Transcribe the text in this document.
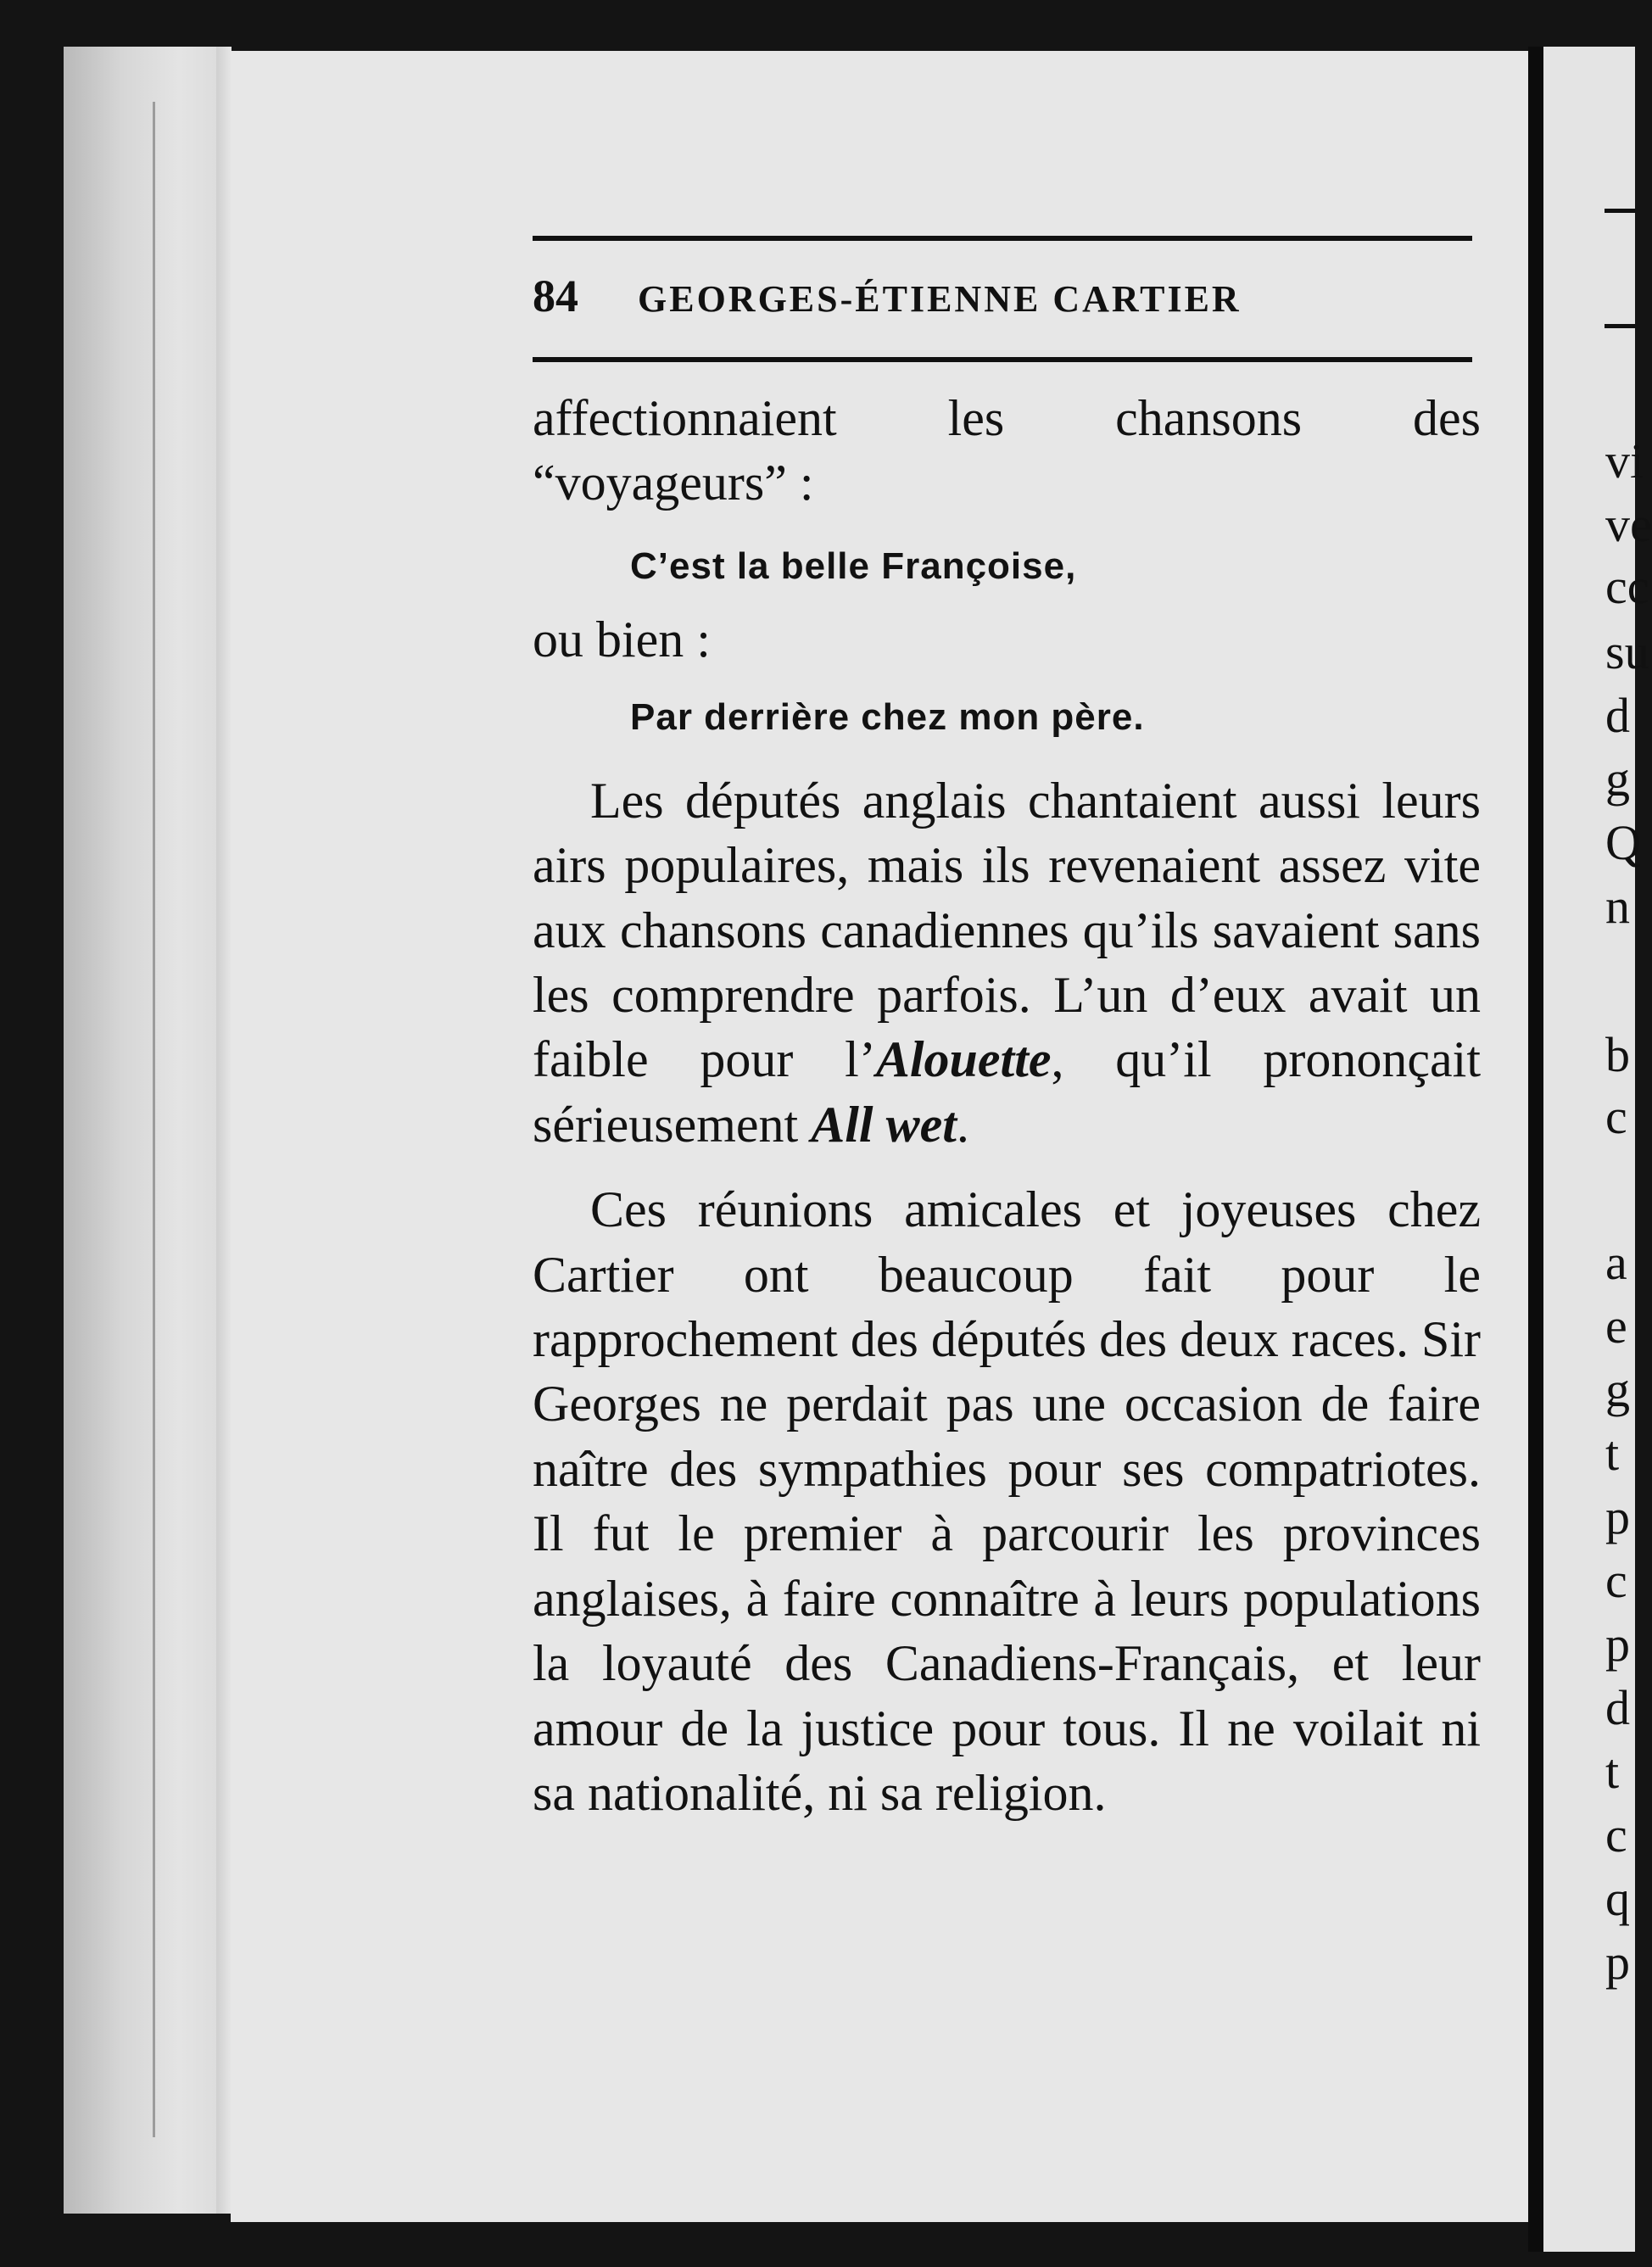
84 GEORGES-ÉTIENNE CARTIER

affectionnaient les chansons des

“voyageurs” :

C’est la belle Françoise,

ou bien :

Par derrière chez mon père.

Les députés anglais chantaient aussi leurs airs populaires, mais ils revenaient assez vite aux chansons canadiennes qu’ils savaient sans les comprendre parfois. L’un d’eux avait un faible pour l’Alouette, qu’il prononçait sérieusement All wet.

Ces réunions amicales et joyeuses chez Cartier ont beaucoup fait pour le rapprochement des députés des deux races. Sir Georges ne perdait pas une occasion de faire naître des sympathies pour ses compatriotes. Il fut le premier à parcourir les provinces anglaises, à faire connaître à leurs populations la loyauté des Canadiens-Français, et leur amour de la justice pour tous. Il ne voilait ni sa nationalité, ni sa religion.

vi
ve
cc
su
d
g
Q
n
b
c
a
e
g
t
p
c
p
d
t
c
q
p
